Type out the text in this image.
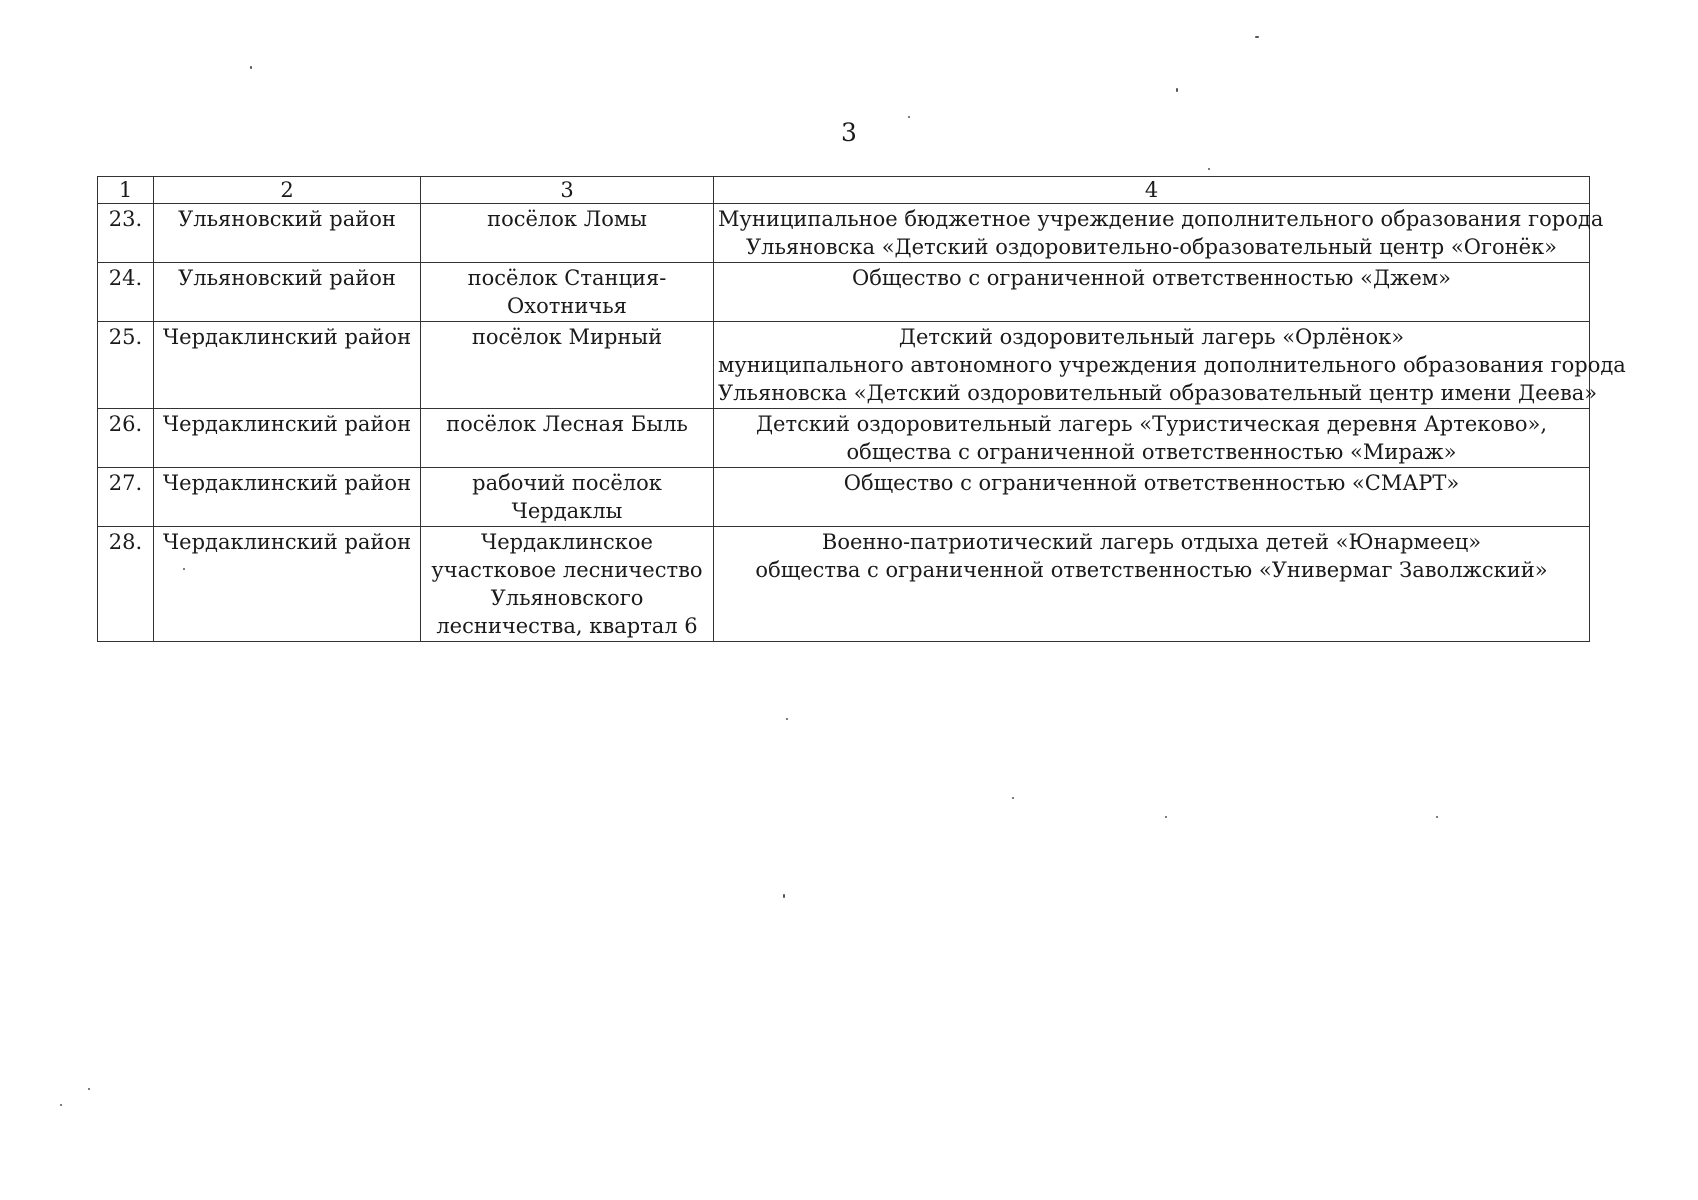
3
1	2	3	4
23.	Ульяновский район	посёлок Ломы	Муниципальное бюджетное учреждение дополнительного образования города
Ульяновска «Детский оздоровительно-образовательный центр «Огонёк»

24.	Ульяновский район	посёлок Станция-
Охотничья	Общество с ограниченной ответственностью «Джем»

25.	Чердаклинский район	посёлок Мирный	Детский оздоровительный лагерь «Орлёнок»
муниципального автономного учреждения дополнительного образования города
Ульяновска «Детский оздоровительный образовательный центр имени Деева»

26.	Чердаклинский район	посёлок Лесная Быль	Детский оздоровительный лагерь «Туристическая деревня Артеково»,
общества с ограниченной ответственностью «Мираж»

27.	Чердаклинский район	рабочий посёлок
Чердаклы	Общество с ограниченной ответственностью «СМАРТ»

28.	Чердаклинский район	Чердаклинское
участковое лесничество
Ульяновского
лесничества, квартал 6	Военно-патриотический лагерь отдыха детей «Юнармеец»
общества с ограниченной ответственностью «Универмаг Заволжский»
